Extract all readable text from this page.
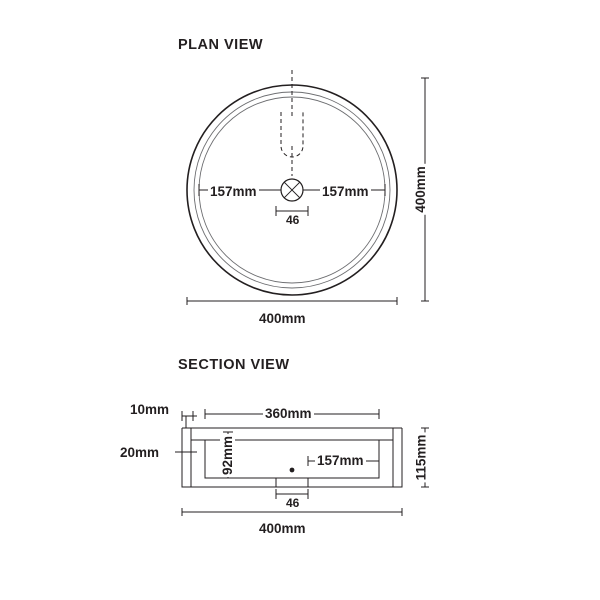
PLAN VIEW
157mm	157mm
46
400mm
400mm
SECTION VIEW
10mm
20mm	92mm
360mm
157mm
46
400mm
115mm
